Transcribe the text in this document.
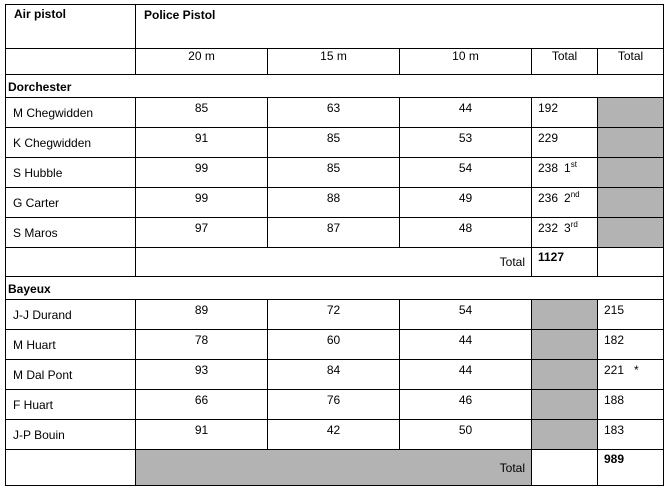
Air pistol	Police Pistol				
	20 m	15 m	10 m	Total	Total
Dorchester					
M Chegwidden	85	63	44	192	
K Chegwidden	91	85	53	229	
S Hubble	99	85	54	238 1st	
G Carter	99	88	49	236 2nd	
S Maros	97	87	48	232 3rd	
	Total			1127	
Bayeux					
J-J Durand	89	72	54		215
M Huart	78	60	44		182
M Dal Pont	93	84	44		221 *
F Huart	66	76	46		188
J-P Bouin	91	42	50		183
	Total				989
